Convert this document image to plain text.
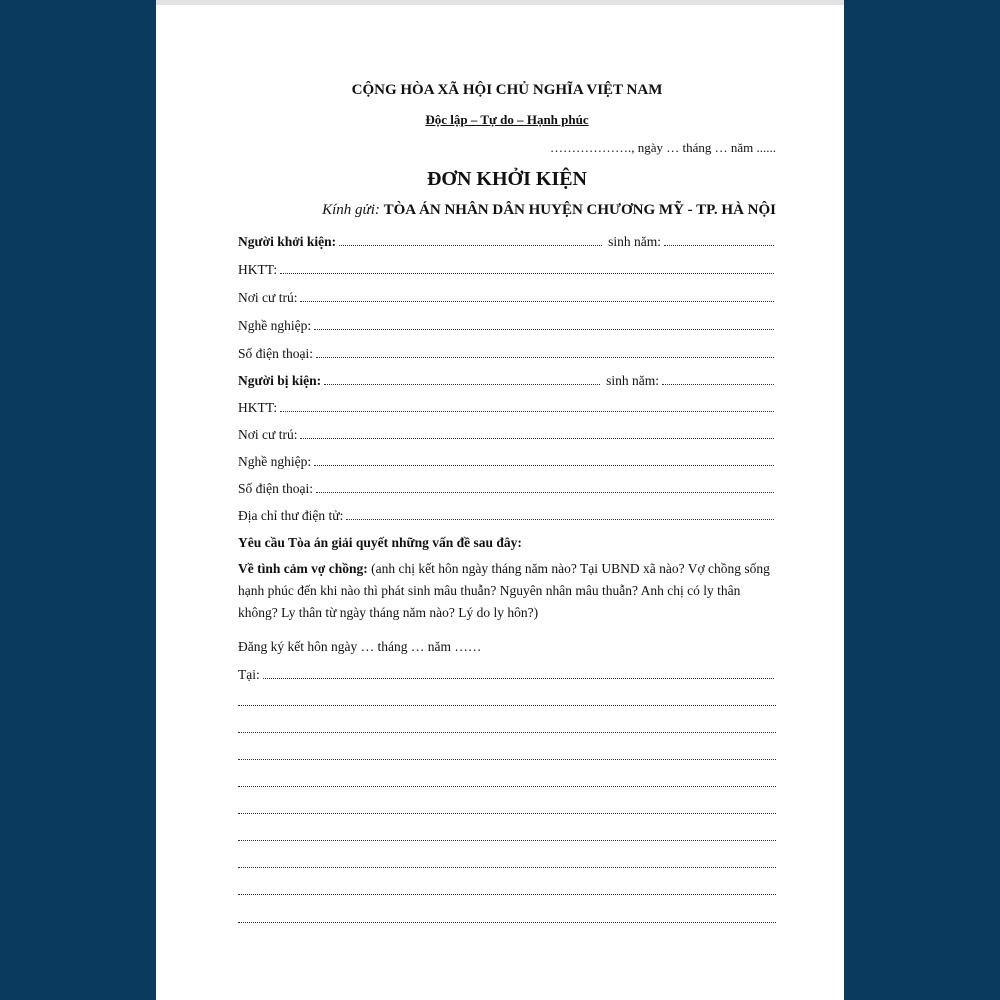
CỘNG HÒA XÃ HỘI CHỦ NGHĨA VIỆT NAM
Độc lập – Tự do – Hạnh phúc
………………., ngày … tháng … năm ......
ĐƠN KHỞI KIỆN
Kính gửi: TÒA ÁN NHÂN DÂN HUYỆN CHƯƠNG MỸ - TP. HÀ NỘI
Người khởi kiện:	sinh năm:
HKTT:
Nơi cư trú:
Nghề nghiệp:
Số điện thoại:
Người bị kiện:	sinh năm:
HKTT:
Nơi cư trú:
Nghề nghiệp:
Số điện thoại:
Địa chỉ thư điện tử:
Yêu cầu Tòa án giải quyết những vấn đề sau đây:
Về tình cảm vợ chồng: (anh chị kết hôn ngày tháng năm nào? Tại UBND xã nào? Vợ chồng sống hạnh phúc đến khi nào thì phát sinh mâu thuẫn? Nguyên nhân mâu thuẫn? Anh chị có ly thân không? Ly thân từ ngày tháng năm nào? Lý do ly hôn?)
Đăng ký kết hôn ngày … tháng … năm ……
Tại:
